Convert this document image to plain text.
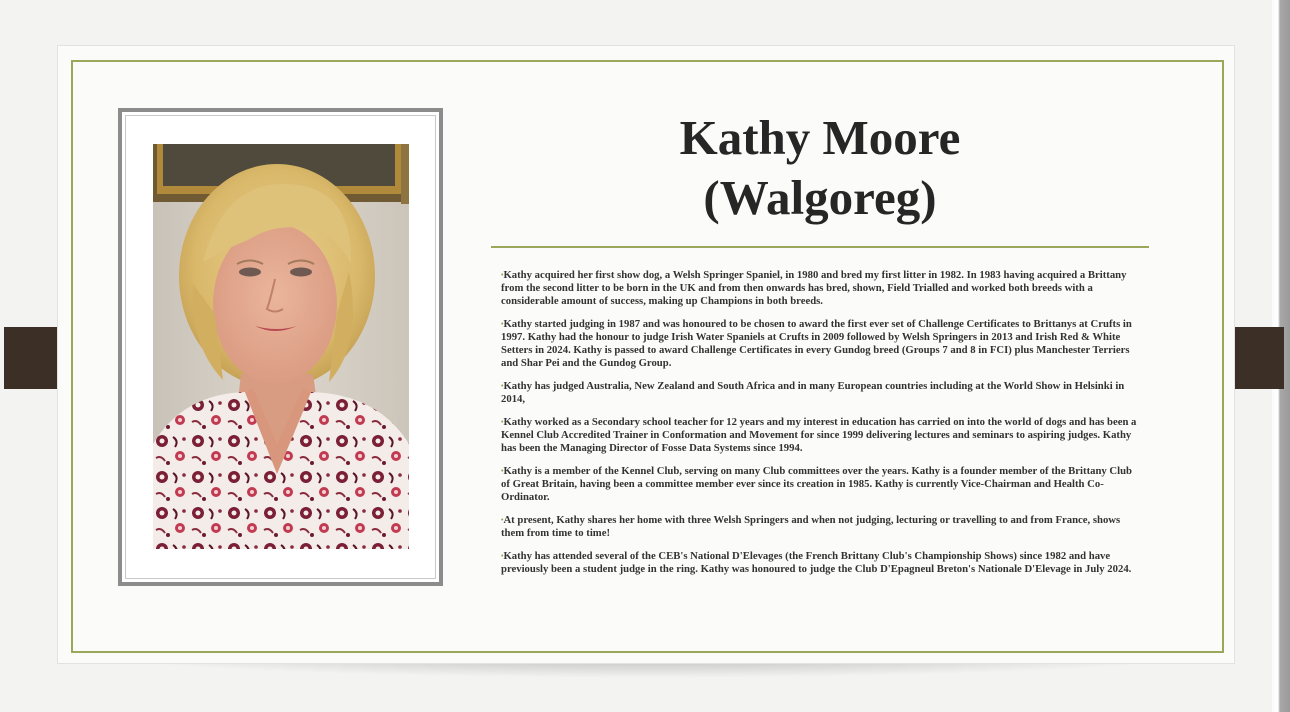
Kathy Moore
(Walgoreg)
•Kathy acquired her first show dog, a Welsh Springer Spaniel, in 1980 and bred my first litter in 1982. In 1983 having acquired a Brittany from the second litter to be born in the UK and from then onwards has bred, shown, Field Trialled and worked both breeds with a considerable amount of success, making up Champions in both breeds.
•Kathy started judging in 1987 and was honoured to be chosen to award the first ever set of Challenge Certificates to Brittanys at Crufts in 1997. Kathy had the honour to judge Irish Water Spaniels at Crufts in 2009 followed by Welsh Springers in 2013 and Irish Red & White Setters in 2024. Kathy is passed to award Challenge Certificates in every Gundog breed (Groups 7 and 8 in FCI) plus Manchester Terriers and Shar Pei and the Gundog Group.
•Kathy has judged Australia, New Zealand and South Africa and in many European countries including at the World Show in Helsinki in 2014,
•Kathy worked as a Secondary school teacher for 12 years and my interest in education has carried on into the world of dogs and has been a Kennel Club Accredited Trainer in Conformation and Movement for since 1999 delivering lectures and seminars to aspiring judges. Kathy has been the Managing Director of Fosse Data Systems since 1994.
•Kathy is a member of the Kennel Club, serving on many Club committees over the years. Kathy is a founder member of the Brittany Club of Great Britain, having been a committee member ever since its creation in 1985. Kathy is currently Vice-Chairman and Health Co-Ordinator.
•At present, Kathy shares her home with three Welsh Springers and when not judging, lecturing or travelling to and from France, shows them from time to time!
•Kathy has attended several of the CEB's National D'Elevages (the French Brittany Club's Championship Shows) since 1982 and have previously been a student judge in the ring. Kathy was honoured to judge the Club D'Epagneul Breton's Nationale D'Elevage in July 2024.
